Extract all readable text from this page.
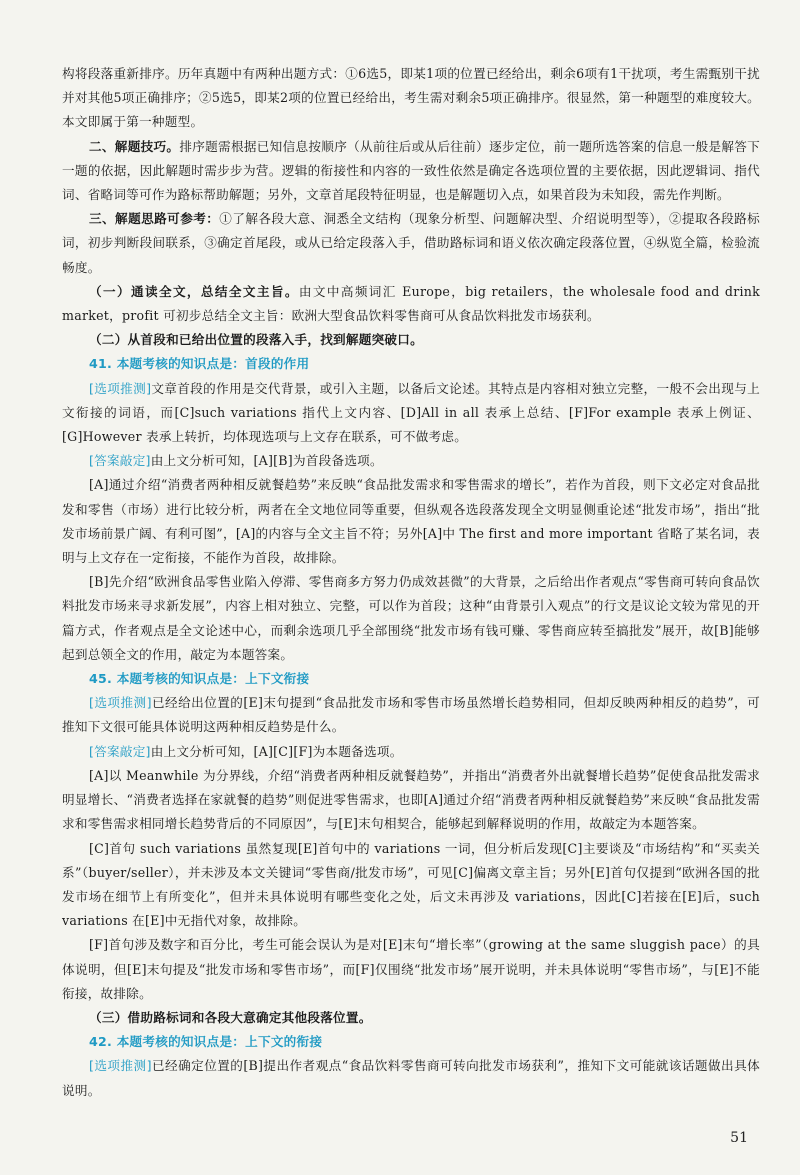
构将段落重新排序。历年真题中有两种出题方式：①6选5，即某1项的位置已经给出，剩余6项有1干扰项，考生需甄别干扰并对其他5项正确排序；②5选5，即某2项的位置已经给出，考生需对剩余5项正确排序。很显然，第一种题型的难度较大。本文即属于第一种题型。

二、解题技巧。排序题需根据已知信息按顺序（从前往后或从后往前）逐步定位，前一题所选答案的信息一般是解答下一题的依据，因此解题时需步步为营。逻辑的衔接性和内容的一致性依然是确定各选项位置的主要依据，因此逻辑词、指代词、省略词等可作为路标帮助解题；另外，文章首尾段特征明显，也是解题切入点，如果首段为未知段，需先作判断。

三、解题思路可参考：①了解各段大意、洞悉全文结构（现象分析型、问题解决型、介绍说明型等），②提取各段路标词，初步判断段间联系，③确定首尾段，或从已给定段落入手，借助路标词和语义依次确定段落位置，④纵览全篇，检验流畅度。

（一）通读全文，总结全文主旨。由文中高频词汇 Europe，big retailers，the wholesale food and drink market，profit 可初步总结全文主旨：欧洲大型食品饮料零售商可从食品饮料批发市场获利。

（二）从首段和已给出位置的段落入手，找到解题突破口。

41. 本题考核的知识点是：首段的作用

[选项推测]文章首段的作用是交代背景，或引入主题，以备后文论述。其特点是内容相对独立完整，一般不会出现与上文衔接的词语，而[C]such variations 指代上文内容、[D]All in all 表承上总结、[F]For example 表承上例证、[G]However 表承上转折，均体现选项与上文存在联系，可不做考虑。

[答案敲定]由上文分析可知，[A][B]为首段备选项。

[A]通过介绍“消费者两种相反就餐趋势”来反映“食品批发需求和零售需求的增长”，若作为首段，则下文必定对食品批发和零售（市场）进行比较分析，两者在全文地位同等重要，但纵观各选段落发现全文明显侧重论述“批发市场”，指出“批发市场前景广阔、有利可图”，[A]的内容与全文主旨不符；另外[A]中 The first and more important 省略了某名词，表明与上文存在一定衔接，不能作为首段，故排除。

[B]先介绍“欧洲食品零售业陷入停滞、零售商多方努力仍成效甚微”的大背景，之后给出作者观点“零售商可转向食品饮料批发市场来寻求新发展”，内容上相对独立、完整，可以作为首段；这种“由背景引入观点”的行文是议论文较为常见的开篇方式，作者观点是全文论述中心，而剩余选项几乎全部围绕“批发市场有钱可赚、零售商应转至搞批发”展开，故[B]能够起到总领全文的作用，敲定为本题答案。

45. 本题考核的知识点是：上下文衔接

[选项推测]已经给出位置的[E]末句提到“食品批发市场和零售市场虽然增长趋势相同，但却反映两种相反的趋势”，可推知下文很可能具体说明这两种相反趋势是什么。

[答案敲定]由上文分析可知，[A][C][F]为本题备选项。

[A]以 Meanwhile 为分界线，介绍“消费者两种相反就餐趋势”，并指出“消费者外出就餐增长趋势”促使食品批发需求明显增长、“消费者选择在家就餐的趋势”则促进零售需求，也即[A]通过介绍“消费者两种相反就餐趋势”来反映“食品批发需求和零售需求相同增长趋势背后的不同原因”，与[E]末句相契合，能够起到解释说明的作用，故敲定为本题答案。

[C]首句 such variations 虽然复现[E]首句中的 variations 一词，但分析后发现[C]主要谈及“市场结构”和“买卖关系”（buyer/seller），并未涉及本文关键词“零售商/批发市场”，可见[C]偏离文章主旨；另外[E]首句仅提到“欧洲各国的批发市场在细节上有所变化”，但并未具体说明有哪些变化之处，后文未再涉及 variations，因此[C]若接在[E]后，such variations 在[E]中无指代对象，故排除。

[F]首句涉及数字和百分比，考生可能会误认为是对[E]末句“增长率”（growing at the same sluggish pace）的具体说明，但[E]末句提及“批发市场和零售市场”，而[F]仅围绕“批发市场”展开说明，并未具体说明“零售市场”，与[E]不能衔接，故排除。

（三）借助路标词和各段大意确定其他段落位置。

42. 本题考核的知识点是：上下文的衔接

[选项推测]已经确定位置的[B]提出作者观点“食品饮料零售商可转向批发市场获利”，推知下文可能就该话题做出具体说明。

51
